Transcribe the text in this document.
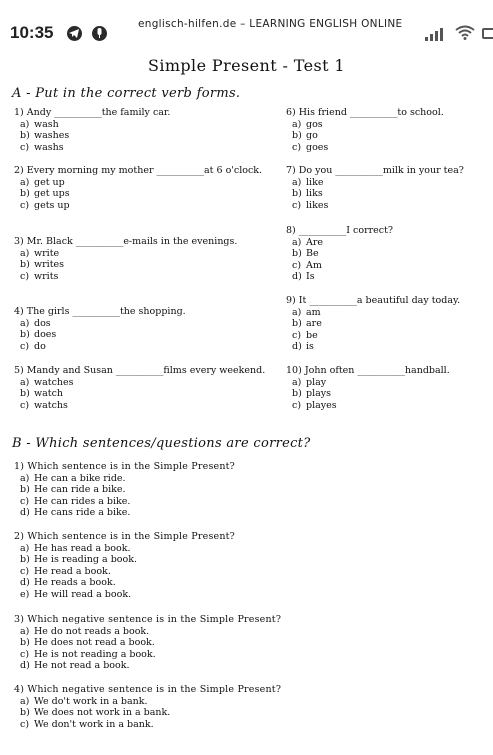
10:35	englisch-hilfen.de – LEARNING ENGLISH ONLINE
Simple Present - Test 1
A - Put in the correct verb forms.
1) Andy __________the family car.
a) wash
b) washes
c) washs
2) Every morning my mother __________at 6 o'clock.
a) get up
b) get ups
c) gets up
3) Mr. Black __________e-mails in the evenings.
a) write
b) writes
c) writs
4) The girls __________the shopping.
a) dos
b) does
c) do
5) Mandy and Susan __________films every weekend.
a) watches
b) watch
c) watchs
6) His friend __________to school.
a) gos
b) go
c) goes
7) Do you __________milk in your tea?
a) like
b) liks
c) likes
8) __________I correct?
a) Are
b) Be
c) Am
d) Is
9) It __________a beautiful day today.
a) am
b) are
c) be
d) is
10) John often __________handball.
a) play
b) plays
c) playes
B - Which sentences/questions are correct?
1) Which sentence is in the Simple Present?
a) He can a bike ride.
b) He can ride a bike.
c) He can rides a bike.
d) He cans ride a bike.
2) Which sentence is in the Simple Present?
a) He has read a book.
b) He is reading a book.
c) He read a book.
d) He reads a book.
e) He will read a book.
3) Which negative sentence is in the Simple Present?
a) He do not reads a book.
b) He does not read a book.
c) He is not reading a book.
d) He not read a book.
4) Which negative sentence is in the Simple Present?
a) We do't work in a bank.
b) We does not work in a bank.
c) We don't work in a bank.
